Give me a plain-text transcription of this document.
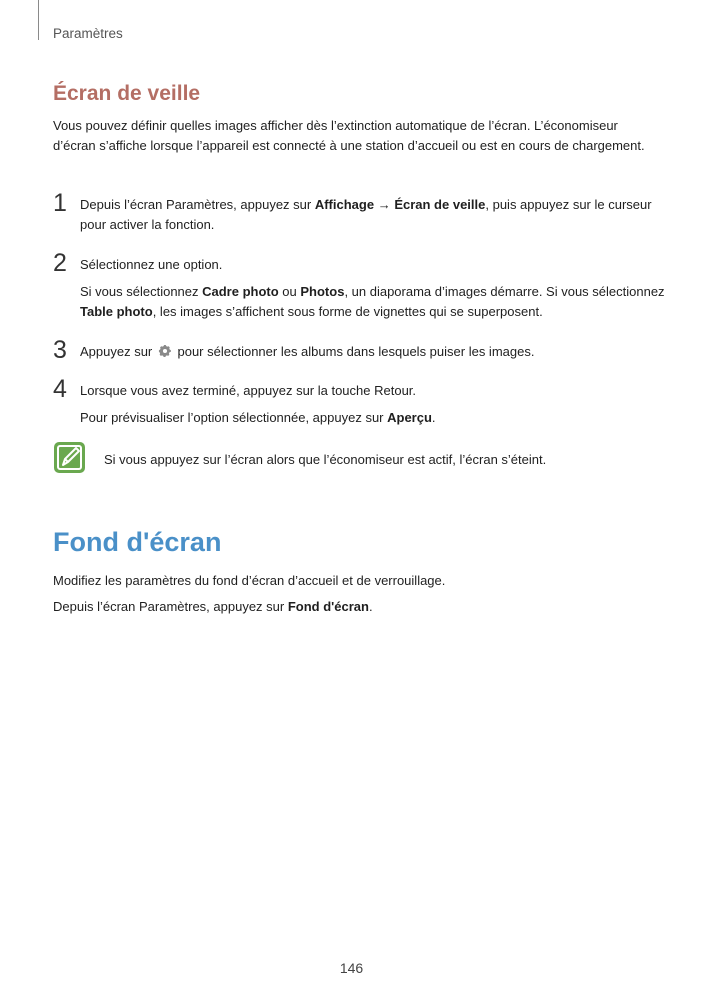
Paramètres
Écran de veille

Vous pouvez définir quelles images afficher dès l’extinction automatique de l’écran. L’économiseur d’écran s’affiche lorsque l’appareil est connecté à une station d’accueil ou est en cours de chargement.

1 Depuis l’écran Paramètres, appuyez sur Affichage → Écran de veille, puis appuyez sur le curseur pour activer la fonction.

2 Sélectionnez une option.

Si vous sélectionnez Cadre photo ou Photos, un diaporama d’images démarre. Si vous sélectionnez Table photo, les images s’affichent sous forme de vignettes qui se superposent.

3 Appuyez sur  pour sélectionner les albums dans lesquels puiser les images.

4 Lorsque vous avez terminé, appuyez sur la touche Retour.

Pour prévisualiser l’option sélectionnée, appuyez sur Aperçu.

Si vous appuyez sur l’écran alors que l’économiseur est actif, l’écran s’éteint.

Fond d'écran

Modifiez les paramètres du fond d’écran d’accueil et de verrouillage.

Depuis l’écran Paramètres, appuyez sur Fond d'écran.

146
